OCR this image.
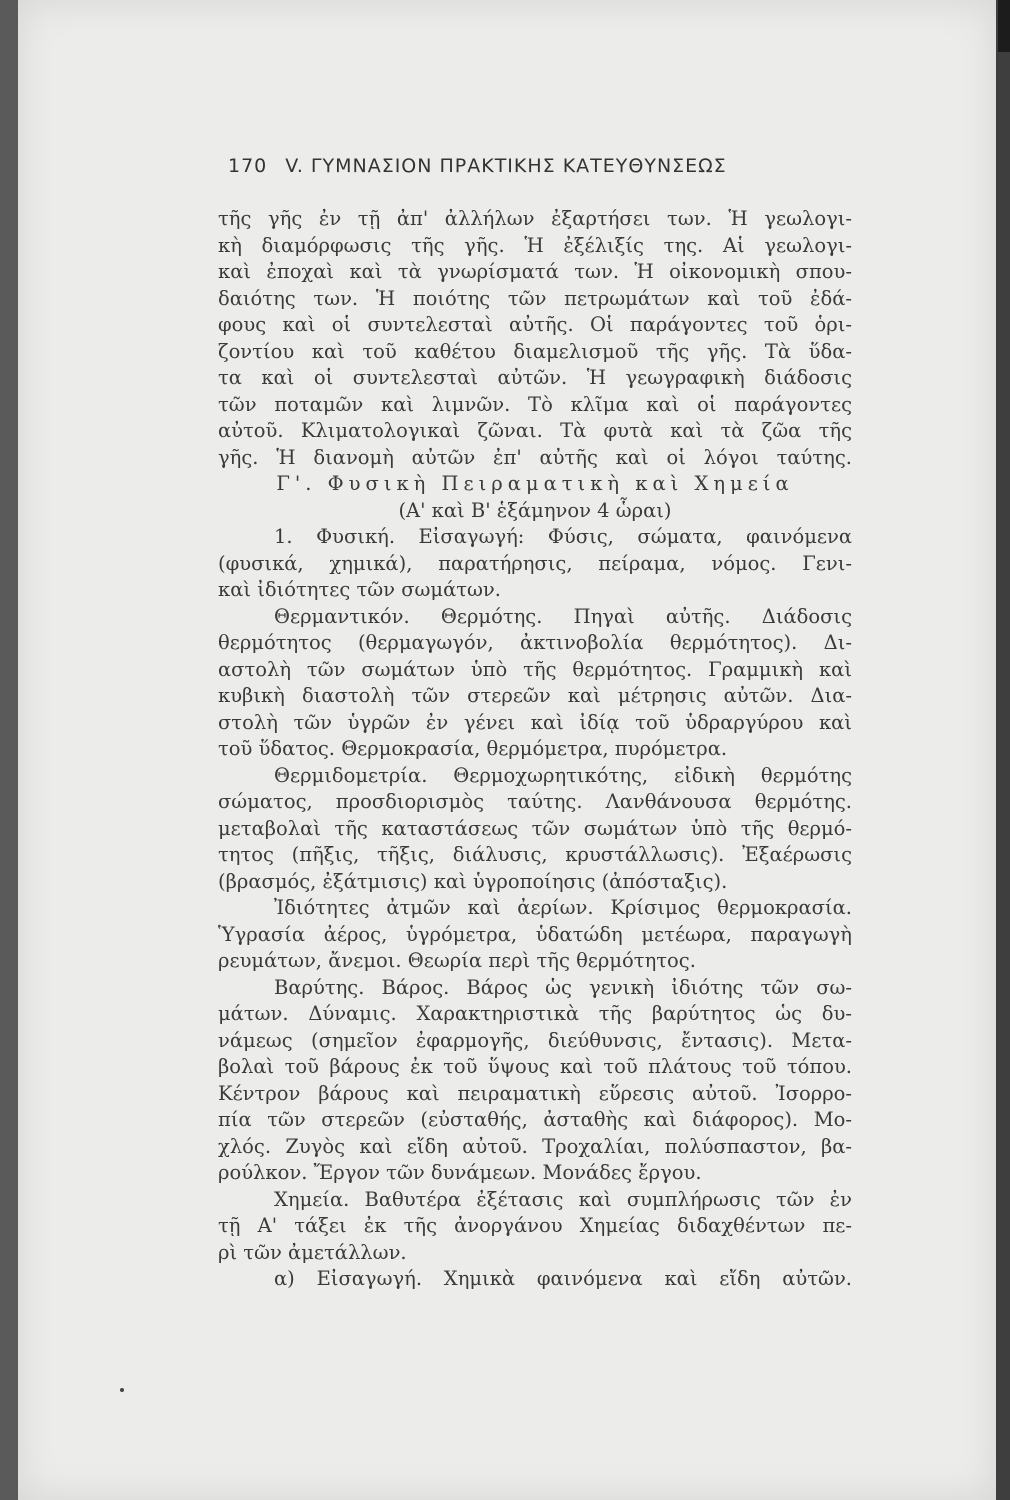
170 V. ΓΥΜΝΑΣΙΟΝ ΠΡΑΚΤΙΚΗΣ ΚΑΤΕΥΘΥΝΣΕΩΣ
τῆς γῆς ἐν τῇ ἀπ' ἀλλήλων ἐξαρτήσει των. Ἡ γεωλογι-
κὴ διαμόρφωσις τῆς γῆς. Ἡ ἐξέλιξίς της. Αἱ γεωλογι-
καὶ ἐποχαὶ καὶ τὰ γνωρίσματά των. Ἡ οἰκονομικὴ σπου-
δαιότης των. Ἡ ποιότης τῶν πετρωμάτων καὶ τοῦ ἐδά-
φους καὶ οἱ συντελεσταὶ αὐτῆς. Οἱ παράγοντες τοῦ ὁρι-
ζοντίου καὶ τοῦ καθέτου διαμελισμοῦ τῆς γῆς. Τὰ ὕδα-
τα καὶ οἱ συντελεσταὶ αὐτῶν. Ἡ γεωγραφικὴ διάδοσις
τῶν ποταμῶν καὶ λιμνῶν. Τὸ κλῖμα καὶ οἱ παράγοντες
αὐτοῦ. Κλιματολογικαὶ ζῶναι. Τὰ φυτὰ καὶ τὰ ζῶα τῆς
γῆς. Ἡ διανομὴ αὐτῶν ἐπ' αὐτῆς καὶ οἱ λόγοι ταύτης.
Γ'. Φυσικὴ Πειραματικὴ καὶ Χημεία
(Α' καὶ Β' ἑξάμηνον 4 ὧραι)
1. Φυσική. Εἰσαγωγή: Φύσις, σώματα, φαινόμενα
(φυσικά, χημικά), παρατήρησις, πείραμα, νόμος. Γενι-
καὶ ἰδιότητες τῶν σωμάτων.
Θερμαντικόν. Θερμότης. Πηγαὶ αὐτῆς. Διάδοσις
θερμότητος (θερμαγωγόν, ἀκτινοβολία θερμότητος). Δι-
αστολὴ τῶν σωμάτων ὑπὸ τῆς θερμότητος. Γραμμικὴ καὶ
κυβικὴ διαστολὴ τῶν στερεῶν καὶ μέτρησις αὐτῶν. Δια-
στολὴ τῶν ὑγρῶν ἐν γένει καὶ ἰδίᾳ τοῦ ὑδραργύρου καὶ
τοῦ ὕδατος. Θερμοκρασία, θερμόμετρα, πυρόμετρα.
Θερμιδομετρία. Θερμοχωρητικότης, εἰδικὴ θερμότης
σώματος, προσδιορισμὸς ταύτης. Λανθάνουσα θερμότης.
μεταβολαὶ τῆς καταστάσεως τῶν σωμάτων ὑπὸ τῆς θερμό-
τητος (πῆξις, τῆξις, διάλυσις, κρυστάλλωσις). Ἐξαέρωσις
(βρασμός, ἐξάτμισις) καὶ ὑγροποίησις (ἀπόσταξις).
Ἰδιότητες ἀτμῶν καὶ ἀερίων. Κρίσιμος θερμοκρασία.
Ὑγρασία ἀέρος, ὑγρόμετρα, ὑδατώδη μετέωρα, παραγωγὴ
ρευμάτων, ἄνεμοι. Θεωρία περὶ τῆς θερμότητος.
Βαρύτης. Βάρος. Βάρος ὡς γενικὴ ἰδιότης τῶν σω-
μάτων. Δύναμις. Χαρακτηριστικὰ τῆς βαρύτητος ὡς δυ-
νάμεως (σημεῖον ἐφαρμογῆς, διεύθυνσις, ἔντασις). Μετα-
βολαὶ τοῦ βάρους ἐκ τοῦ ὕψους καὶ τοῦ πλάτους τοῦ τόπου.
Κέντρον βάρους καὶ πειραματικὴ εὕρεσις αὐτοῦ. Ἰσορρο-
πία τῶν στερεῶν (εὐσταθής, ἀσταθὴς καὶ διάφορος). Μο-
χλός. Ζυγὸς καὶ εἴδη αὐτοῦ. Τροχαλίαι, πολύσπαστον, βα-
ρούλκον. Ἔργον τῶν δυνάμεων. Μονάδες ἔργου.
Χημεία. Βαθυτέρα ἐξέτασις καὶ συμπλήρωσις τῶν ἐν
τῇ Α' τάξει ἐκ τῆς ἀνοργάνου Χημείας διδαχθέντων πε-
ρὶ τῶν ἀμετάλλων.
α) Εἰσαγωγή. Χημικὰ φαινόμενα καὶ εἴδη αὐτῶν.
